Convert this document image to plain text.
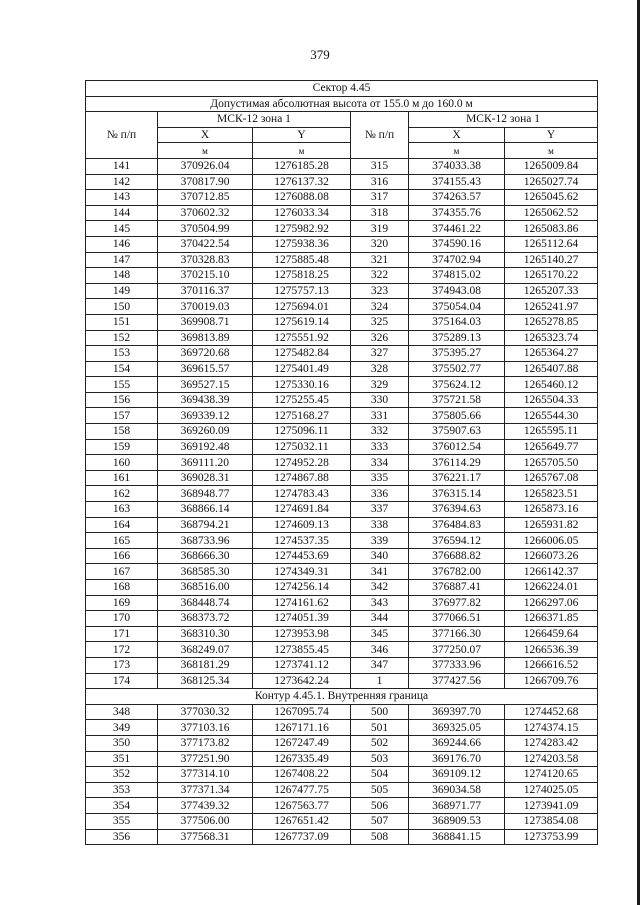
379
Сектор 4.45					
Допустимая абсолютная высота от 155.0 м до 160.0 м					
№ п/п	МСК-12 зона 1		№ п/п	МСК-12 зона 1	
	X	Y		X	Y
	м	м		м	м
141	370926.04	1276185.28	315	374033.38	1265009.84
142	370817.90	1276137.32	316	374155.43	1265027.74
143	370712.85	1276088.08	317	374263.57	1265045.62
144	370602.32	1276033.34	318	374355.76	1265062.52
145	370504.99	1275982.92	319	374461.22	1265083.86
146	370422.54	1275938.36	320	374590.16	1265112.64
147	370328.83	1275885.48	321	374702.94	1265140.27
148	370215.10	1275818.25	322	374815.02	1265170.22
149	370116.37	1275757.13	323	374943.08	1265207.33
150	370019.03	1275694.01	324	375054.04	1265241.97
151	369908.71	1275619.14	325	375164.03	1265278.85
152	369813.89	1275551.92	326	375289.13	1265323.74
153	369720.68	1275482.84	327	375395.27	1265364.27
154	369615.57	1275401.49	328	375502.77	1265407.88
155	369527.15	1275330.16	329	375624.12	1265460.12
156	369438.39	1275255.45	330	375721.58	1265504.33
157	369339.12	1275168.27	331	375805.66	1265544.30
158	369260.09	1275096.11	332	375907.63	1265595.11
159	369192.48	1275032.11	333	376012.54	1265649.77
160	369111.20	1274952.28	334	376114.29	1265705.50
161	369028.31	1274867.88	335	376221.17	1265767.08
162	368948.77	1274783.43	336	376315.14	1265823.51
163	368866.14	1274691.84	337	376394.63	1265873.16
164	368794.21	1274609.13	338	376484.83	1265931.82
165	368733.96	1274537.35	339	376594.12	1266006.05
166	368666.30	1274453.69	340	376688.82	1266073.26
167	368585.30	1274349.31	341	376782.00	1266142.37
168	368516.00	1274256.14	342	376887.41	1266224.01
169	368448.74	1274161.62	343	376977.82	1266297.06
170	368373.72	1274051.39	344	377066.51	1266371.85
171	368310.30	1273953.98	345	377166.30	1266459.64
172	368249.07	1273855.45	346	377250.07	1266536.39
173	368181.29	1273741.12	347	377333.96	1266616.52
174	368125.34	1273642.24	1	377427.56	1266709.76
Контур 4.45.1. Внутренняя граница					
348	377030.32	1267095.74	500	369397.70	1274452.68
349	377103.16	1267171.16	501	369325.05	1274374.15
350	377173.82	1267247.49	502	369244.66	1274283.42
351	377251.90	1267335.49	503	369176.70	1274203.58
352	377314.10	1267408.22	504	369109.12	1274120.65
353	377371.34	1267477.75	505	369034.58	1274025.05
354	377439.32	1267563.77	506	368971.77	1273941.09
355	377506.00	1267651.42	507	368909.53	1273854.08
356	377568.31	1267737.09	508	368841.15	1273753.99
